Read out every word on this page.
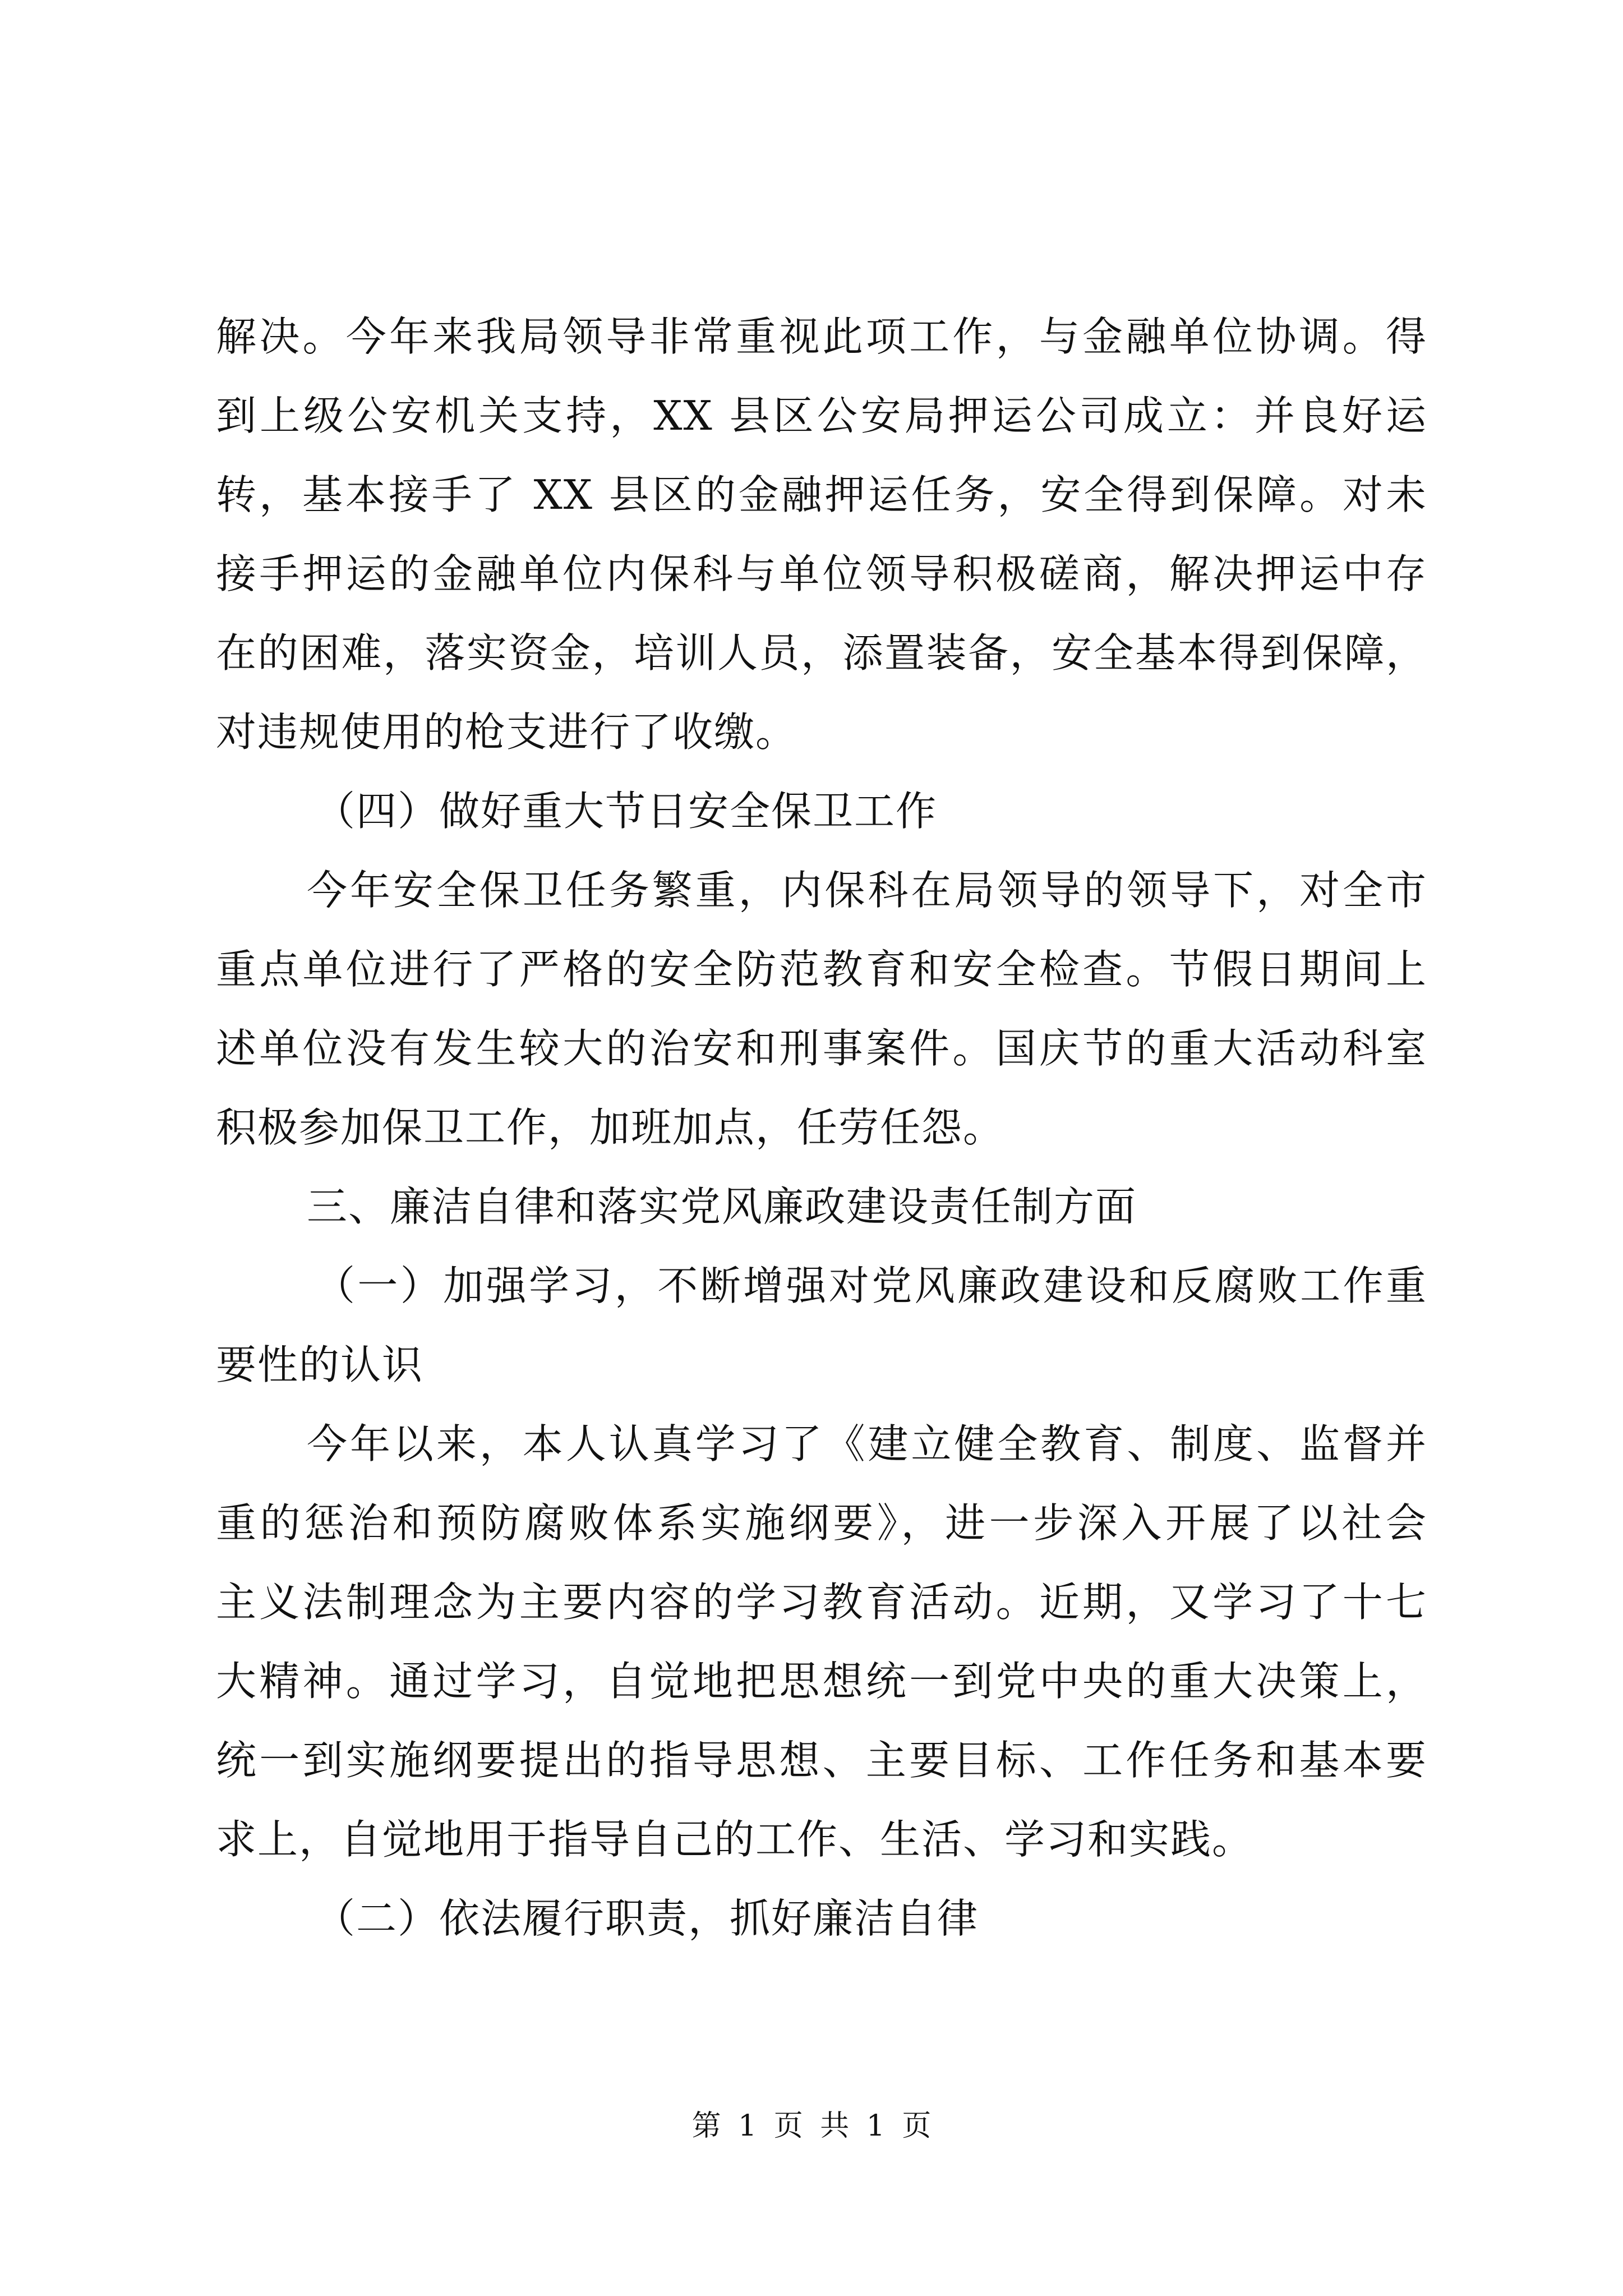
解决。今年来我局领导非常重视此项工作，与金融单位协调。得
到上级公安机关支持，XX 县区公安局押运公司成立：并良好运
转，基本接手了 XX 县区的金融押运任务，安全得到保障。对未
接手押运的金融单位内保科与单位领导积极磋商，解决押运中存
在的困难，落实资金，培训人员，添置装备，安全基本得到保障，
对违规使用的枪支进行了收缴。
（四）做好重大节日安全保卫工作
今年安全保卫任务繁重，内保科在局领导的领导下，对全市
重点单位进行了严格的安全防范教育和安全检查。节假日期间上
述单位没有发生较大的治安和刑事案件。国庆节的重大活动科室
积极参加保卫工作，加班加点，任劳任怨。
三、廉洁自律和落实党风廉政建设责任制方面
（一）加强学习，不断增强对党风廉政建设和反腐败工作重
要性的认识
今年以来，本人认真学习了《建立健全教育、制度、监督并
重的惩治和预防腐败体系实施纲要》，进一步深入开展了以社会
主义法制理念为主要内容的学习教育活动。近期，又学习了十七
大精神。通过学习，自觉地把思想统一到党中央的重大决策上，
统一到实施纲要提出的指导思想、主要目标、工作任务和基本要
求上，自觉地用于指导自己的工作、生活、学习和实践。
（二）依法履行职责，抓好廉洁自律
第 1 页 共 1 页
